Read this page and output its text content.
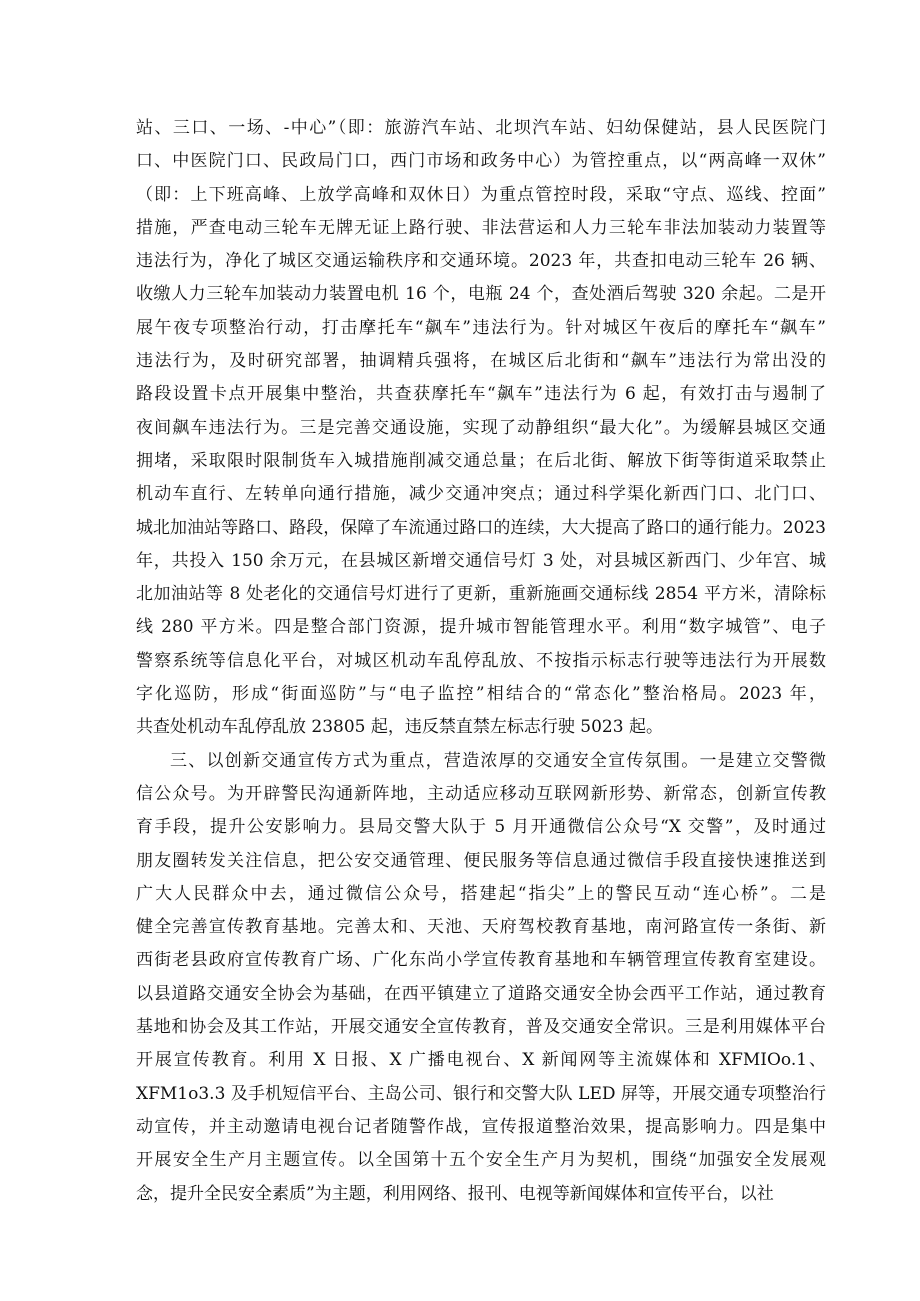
站、三口、一场、-中心”（即：旅游汽车站、北坝汽车站、妇幼保健站，县人民医院门
口、中医院门口、民政局门口，西门市场和政务中心）为管控重点，以“两高峰一双休”
（即：上下班高峰、上放学高峰和双休日）为重点管控时段，采取“守点、巡线、控面”
措施，严查电动三轮车无牌无证上路行驶、非法营运和人力三轮车非法加装动力装置等
违法行为，净化了城区交通运输秩序和交通环境。2023 年，共查扣电动三轮车 26 辆、
收缴人力三轮车加装动力装置电机 16 个，电瓶 24 个，查处酒后驾驶 320 余起。二是开
展午夜专项整治行动，打击摩托车“飙车”违法行为。针对城区午夜后的摩托车“飙车”
违法行为，及时研究部署，抽调精兵强将，在城区后北街和“飙车”违法行为常出没的
路段设置卡点开展集中整治，共查获摩托车“飙车”违法行为 6 起，有效打击与遏制了
夜间飙车违法行为。三是完善交通设施，实现了动静组织“最大化”。为缓解县城区交通
拥堵，采取限时限制货车入城措施削减交通总量；在后北街、解放下街等街道采取禁止
机动车直行、左转单向通行措施，减少交通冲突点；通过科学渠化新西门口、北门口、
城北加油站等路口、路段，保障了车流通过路口的连续，大大提高了路口的通行能力。2023
年，共投入 150 余万元，在县城区新增交通信号灯 3 处，对县城区新西门、少年宫、城
北加油站等 8 处老化的交通信号灯进行了更新，重新施画交通标线 2854 平方米，清除标
线 280 平方米。四是整合部门资源，提升城市智能管理水平。利用“数字城管”、电子
警察系统等信息化平台，对城区机动车乱停乱放、不按指示标志行驶等违法行为开展数
字化巡防，形成“街面巡防”与“电子监控”相结合的“常态化”整治格局。2023 年，
共查处机动车乱停乱放 23805 起，违反禁直禁左标志行驶 5023 起。
三、以创新交通宣传方式为重点，营造浓厚的交通安全宣传氛围。一是建立交警微
信公众号。为开辟警民沟通新阵地，主动适应移动互联网新形势、新常态，创新宣传教
育手段，提升公安影响力。县局交警大队于 5 月开通微信公众号“X 交警”，及时通过
朋友圈转发关注信息，把公安交通管理、便民服务等信息通过微信手段直接快速推送到
广大人民群众中去，通过微信公众号，搭建起“指尖”上的警民互动“连心桥”。二是
健全完善宣传教育基地。完善太和、天池、天府驾校教育基地，南河路宣传一条街、新
西街老县政府宣传教育广场、广化东尚小学宣传教育基地和车辆管理宣传教育室建设。
以县道路交通安全协会为基础，在西平镇建立了道路交通安全协会西平工作站，通过教育
基地和协会及其工作站，开展交通安全宣传教育，普及交通安全常识。三是利用媒体平台
开展宣传教育。利用 X 日报、X 广播电视台、X 新闻网等主流媒体和 XFMIOo.1、
XFM1o3.3 及手机短信平台、主岛公司、银行和交警大队 LED 屏等，开展交通专项整治行
动宣传，并主动邀请电视台记者随警作战，宣传报道整治效果，提高影响力。四是集中
开展安全生产月主题宣传。以全国第十五个安全生产月为契机，围绕“加强安全发展观
念，提升全民安全素质”为主题，利用网络、报刊、电视等新闻媒体和宣传平台，以社
